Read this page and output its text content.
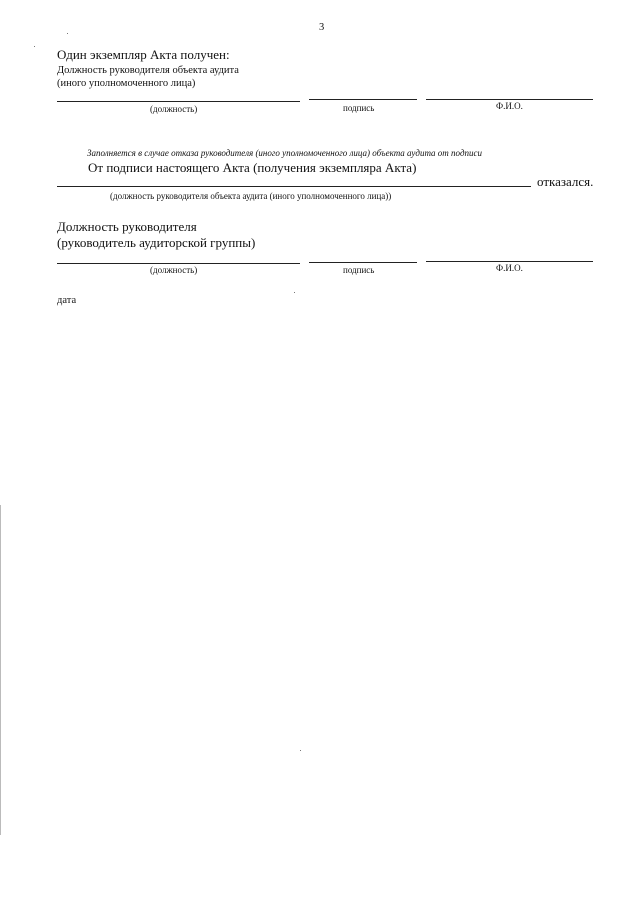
3
Один экземпляр Акта получен:
Должность руководителя объекта аудита
(иного уполномоченного лица)
(должность)	подпись	Ф.И.О.
Заполняется в случае отказа руководителя (иного уполномоченного лица) объекта аудита от подписи
От подписи настоящего Акта (получения экземпляра Акта)
отказался.
(должность руководителя объекта аудита (иного уполномоченного лица))
Должность руководителя
(руководитель аудиторской группы)
(должность)	подпись	Ф.И.О.
дата
